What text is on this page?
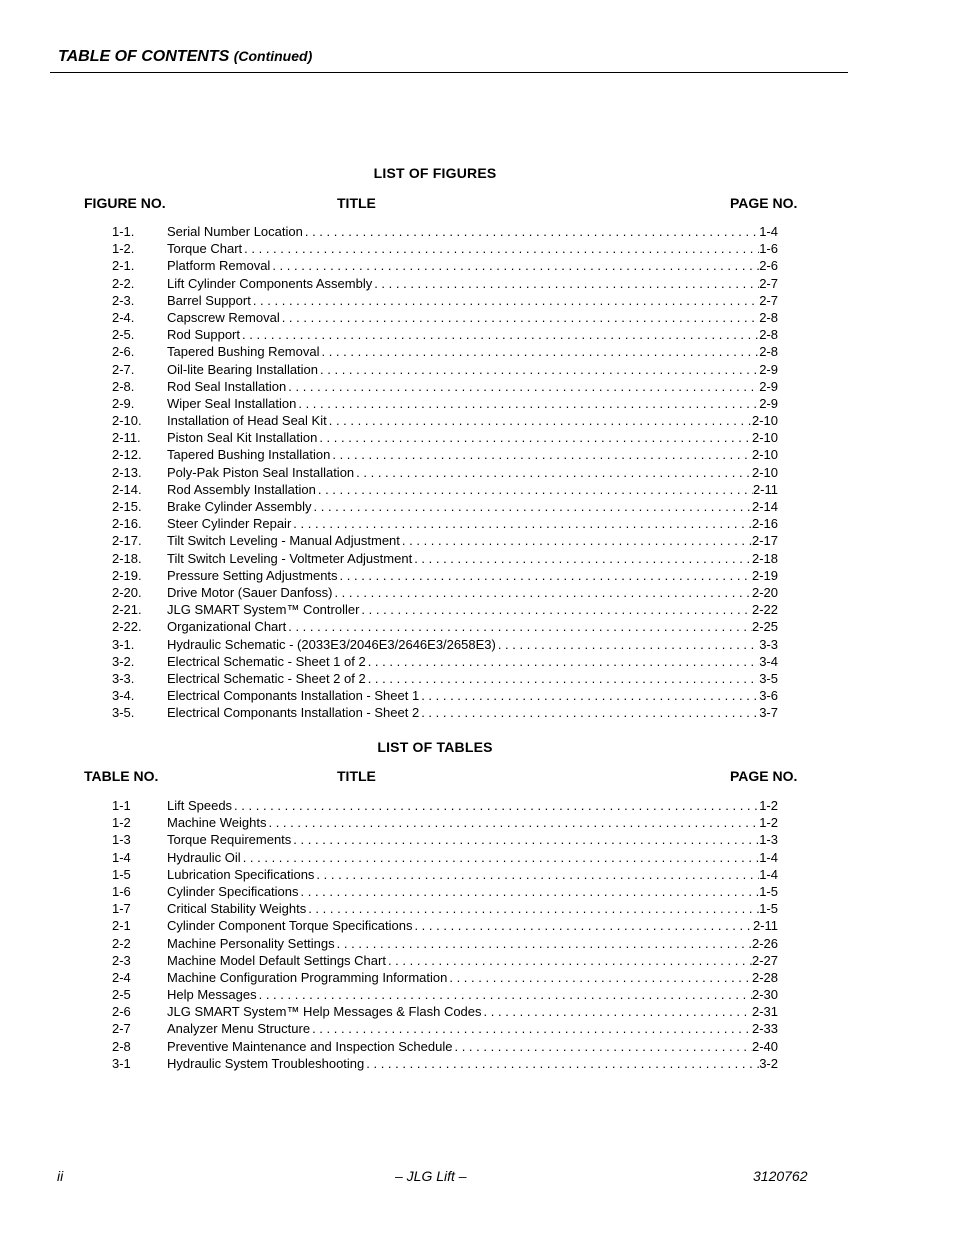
TABLE OF CONTENTS (Continued)
LIST OF FIGURES
FIGURE NO.	TITLE	PAGE NO.
1-1.	Serial Number Location . . .	1-4
1-2.	Torque Chart . . .	1-6
2-1.	Platform Removal . . .	2-6
2-2.	Lift Cylinder Components Assembly . . .	2-7
2-3.	Barrel Support . . .	2-7
2-4.	Capscrew Removal . . .	2-8
2-5.	Rod Support . . .	2-8
2-6.	Tapered Bushing Removal . . .	2-8
2-7.	Oil-lite Bearing Installation . . .	2-9
2-8.	Rod Seal Installation . . .	2-9
2-9.	Wiper Seal Installation . . .	2-9
2-10.	Installation of Head Seal Kit . . .	2-10
2-11.	Piston Seal Kit Installation . . .	2-10
2-12.	Tapered Bushing Installation . . .	2-10
2-13.	Poly-Pak Piston Seal Installation . . .	2-10
2-14.	Rod Assembly Installation . . .	2-11
2-15.	Brake Cylinder Assembly . . .	2-14
2-16.	Steer Cylinder Repair . . .	2-16
2-17.	Tilt Switch Leveling - Manual Adjustment . . .	2-17
2-18.	Tilt Switch Leveling - Voltmeter Adjustment . . .	2-18
2-19.	Pressure Setting Adjustments . . .	2-19
2-20.	Drive Motor (Sauer Danfoss) . . .	2-20
2-21.	JLG SMART System™ Controller . . .	2-22
2-22.	Organizational Chart . . .	2-25
3-1.	Hydraulic Schematic - (2033E3/2046E3/2646E3/2658E3) . . .	3-3
3-2.	Electrical Schematic - Sheet 1 of 2 . . .	3-4
3-3.	Electrical Schematic - Sheet 2 of 2 . . .	3-5
3-4.	Electrical Componants Installation - Sheet 1 . . .	3-6
3-5.	Electrical Componants Installation - Sheet 2 . . .	3-7
LIST OF TABLES
TABLE NO.	TITLE	PAGE NO.
1-1	Lift Speeds . . .	1-2
1-2	Machine Weights . . .	1-2
1-3	Torque Requirements . . .	1-3
1-4	Hydraulic Oil . . .	1-4
1-5	Lubrication Specifications . . .	1-4
1-6	Cylinder Specifications . . .	1-5
1-7	Critical Stability Weights . . .	1-5
2-1	Cylinder Component Torque Specifications . . .	2-11
2-2	Machine Personality Settings . . .	2-26
2-3	Machine Model Default Settings Chart . . .	2-27
2-4	Machine Configuration Programming Information . . .	2-28
2-5	Help Messages . . .	2-30
2-6	JLG SMART System™ Help Messages & Flash Codes . . .	2-31
2-7	Analyzer Menu Structure . . .	2-33
2-8	Preventive Maintenance and Inspection Schedule . . .	2-40
3-1	Hydraulic System Troubleshooting . . .	3-2
ii	– JLG Lift –	3120762
